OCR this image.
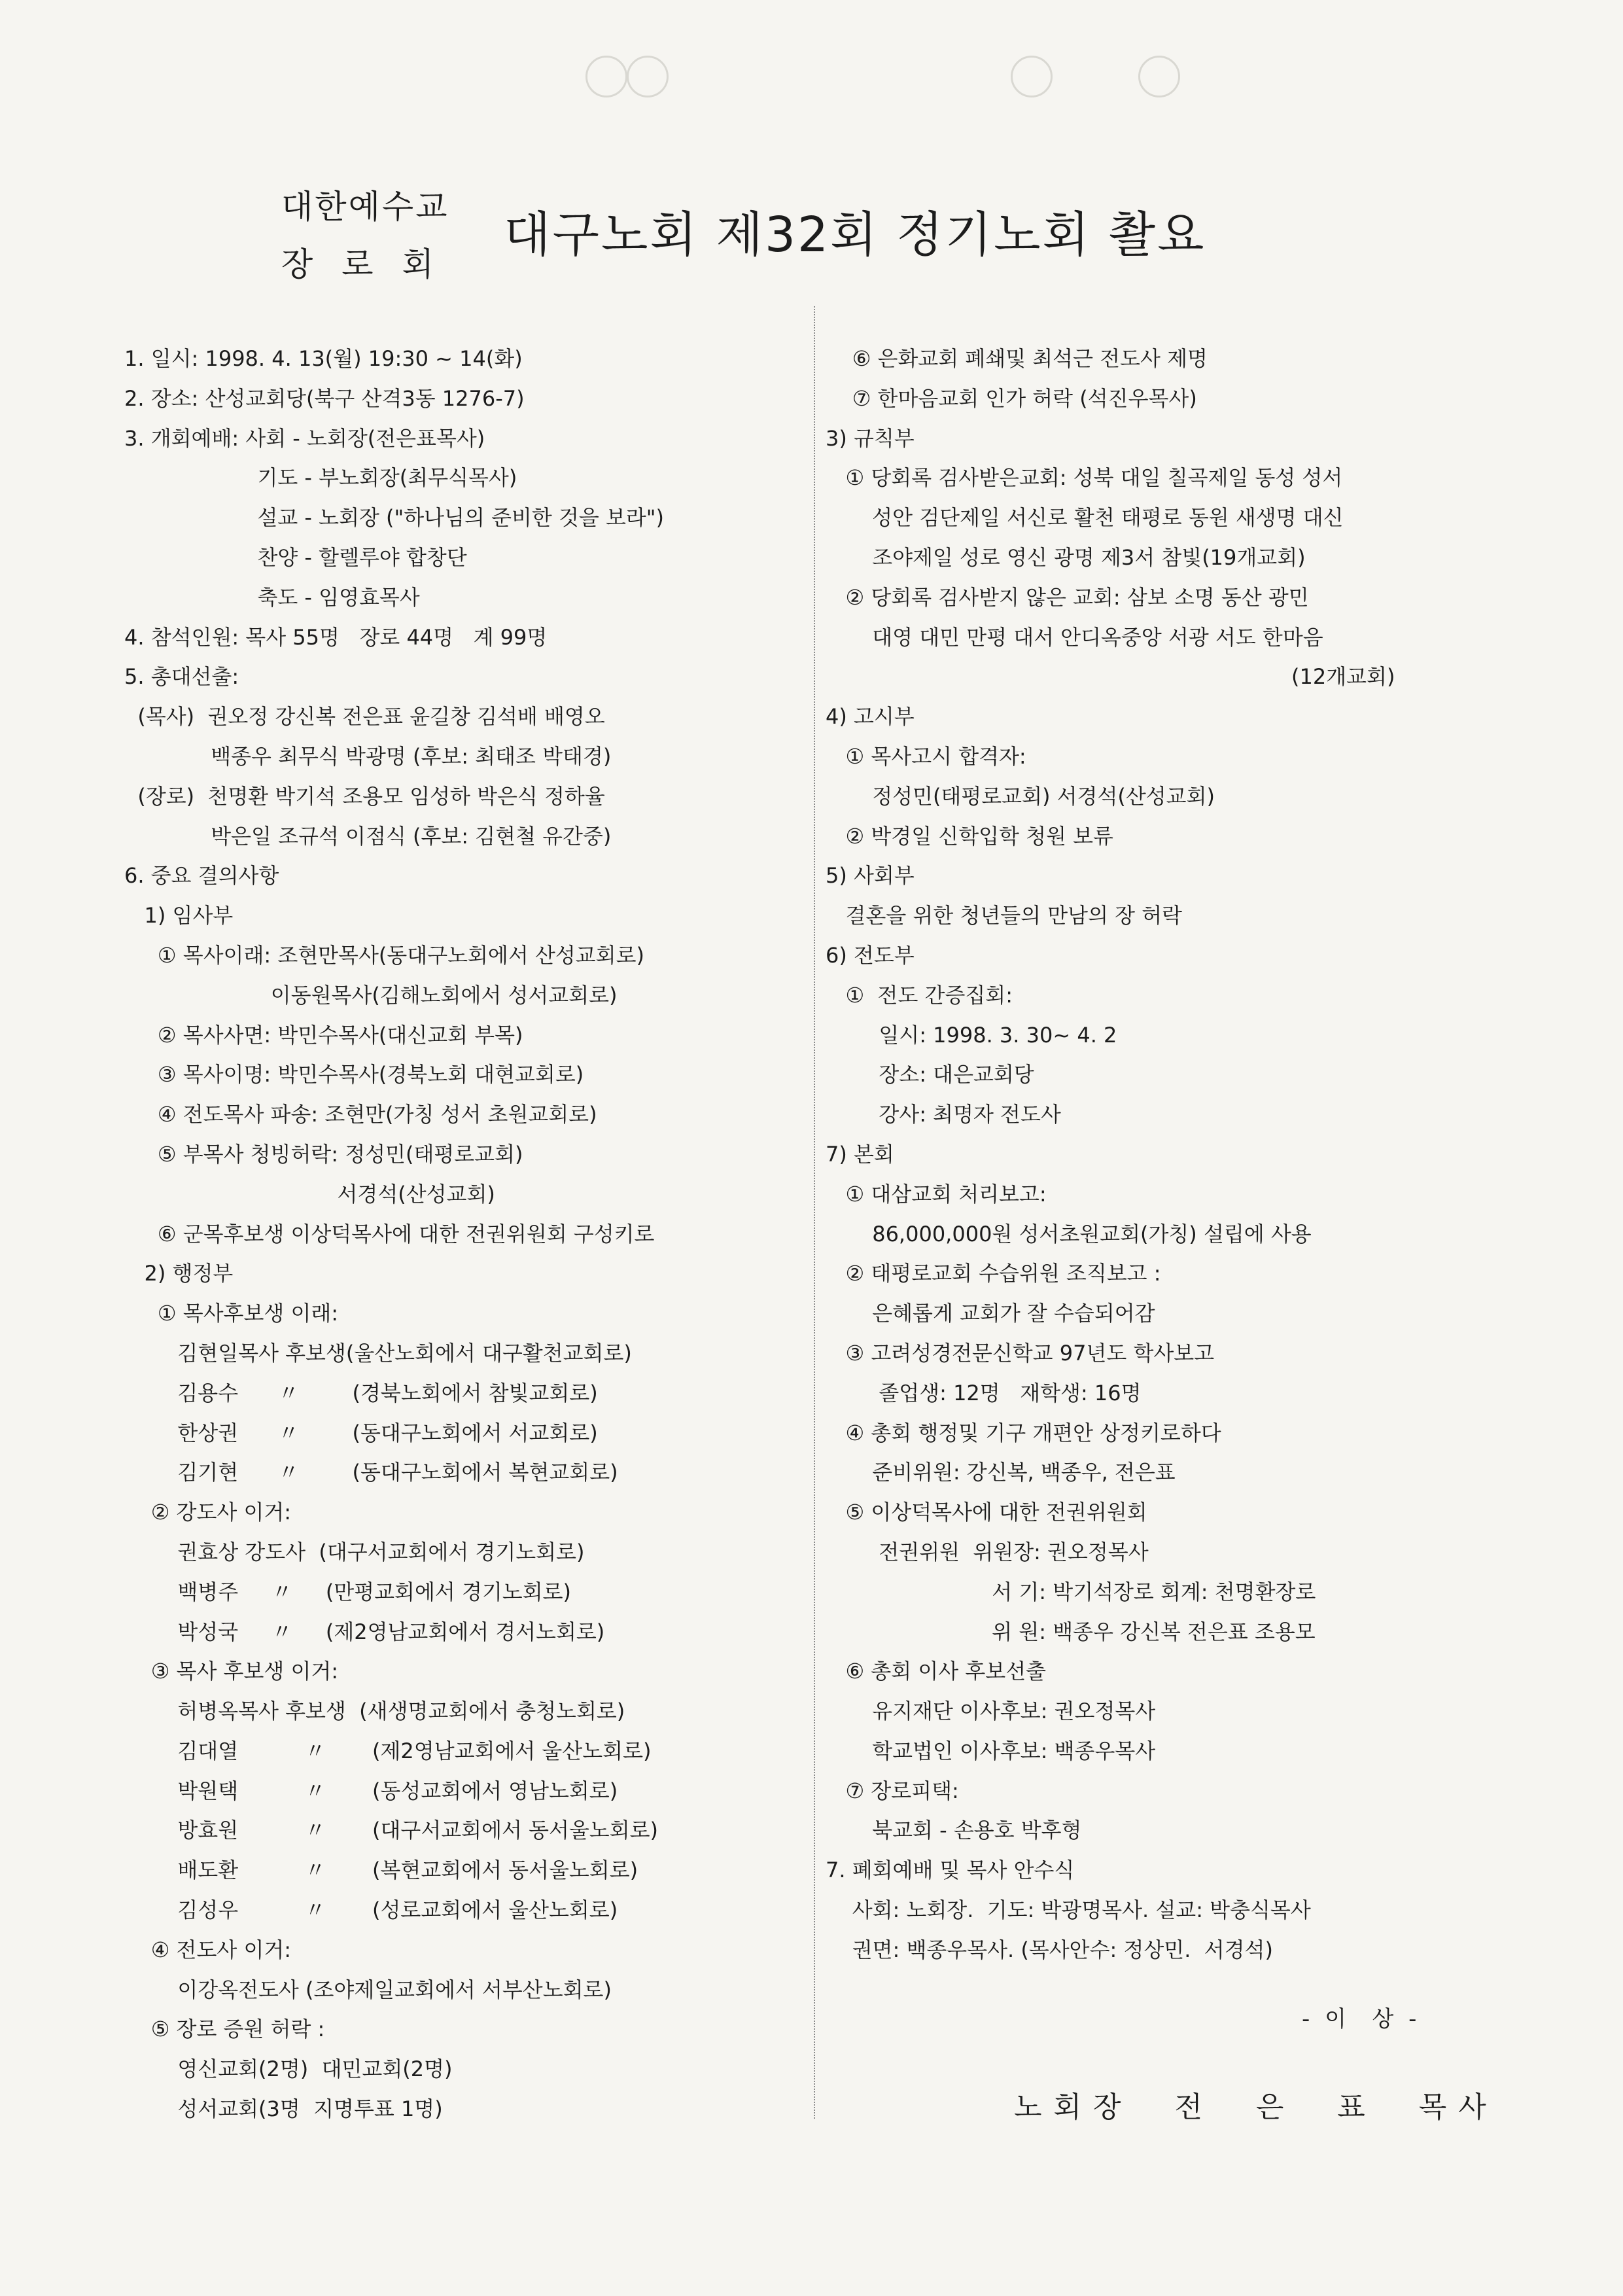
대한예수교
장로회
대구노회 제32회 정기노회 촬요
1. 일시: 1998. 4. 13(월) 19:30 ~ 14(화)
2. 장소: 산성교회당(북구 산격3동 1276-7)
3. 개회예배: 사회 - 노회장(전은표목사)
기도 - 부노회장(최무식목사)
설교 - 노회장 ("하나님의 준비한 것을 보라")
찬양 - 할렐루야 합창단
축도 - 임영효목사
4. 참석인원: 목사 55명   장로 44명   계 99명
5. 총대선출:
(목사)  권오정 강신복 전은표 윤길창 김석배 배영오
백종우 최무식 박광명 (후보: 최태조 박태경)
(장로)  천명환 박기석 조용모 임성하 박은식 정하율
박은일 조규석 이점식 (후보: 김현철 유간중)
6. 중요 결의사항
1) 임사부
① 목사이래: 조현만목사(동대구노회에서 산성교회로)
이동원목사(김해노회에서 성서교회로)
② 목사사면: 박민수목사(대신교회 부목)
③ 목사이명: 박민수목사(경북노회 대현교회로)
④ 전도목사 파송: 조현만(가칭 성서 초원교회로)
⑤ 부목사 청빙허락: 정성민(태평로교회)
서경석(산성교회)
⑥ 군목후보생 이상덕목사에 대한 전권위원회 구성키로
2) 행정부
① 목사후보생 이래:
김현일목사 후보생(울산노회에서 대구활천교회로)
김용수      〃        (경북노회에서 참빛교회로)
한상권      〃        (동대구노회에서 서교회로)
김기현      〃        (동대구노회에서 복현교회로)
② 강도사 이거:
권효상 강도사  (대구서교회에서 경기노회로)
백병주     〃     (만평교회에서 경기노회로)
박성국     〃     (제2영남교회에서 경서노회로)
③ 목사 후보생 이거:
허병옥목사 후보생  (새생명교회에서 충청노회로)
김대열          〃       (제2영남교회에서 울산노회로)
박원택          〃       (동성교회에서 영남노회로)
방효원          〃       (대구서교회에서 동서울노회로)
배도환          〃       (복현교회에서 동서울노회로)
김성우          〃       (성로교회에서 울산노회로)
④ 전도사 이거:
이강옥전도사 (조야제일교회에서 서부산노회로)
⑤ 장로 증원 허락 :
영신교회(2명)  대민교회(2명)
성서교회(3명  지명투표 1명)
⑥ 은화교회 폐쇄및 최석근 전도사 제명
⑦ 한마음교회 인가 허락 (석진우목사)
3) 규칙부
① 당회록 검사받은교회: 성북 대일 칠곡제일 동성 성서
성안 검단제일 서신로 활천 태평로 동원 새생명 대신
조야제일 성로 영신 광명 제3서 참빛(19개교회)
② 당회록 검사받지 않은 교회: 삼보 소명 동산 광민
대영 대민 만평 대서 안디옥중앙 서광 서도 한마음
(12개교회)
4) 고시부
① 목사고시 합격자:
정성민(태평로교회) 서경석(산성교회)
② 박경일 신학입학 청원 보류
5) 사회부
결혼을 위한 청년들의 만남의 장 허락
6) 전도부
①  전도 간증집회:
일시: 1998. 3. 30~ 4. 2
장소: 대은교회당
강사: 최명자 전도사
7) 본회
① 대삼교회 처리보고:
86,000,000원 성서초원교회(가칭) 설립에 사용
② 태평로교회 수습위원 조직보고 :
은혜롭게 교회가 잘 수습되어감
③ 고려성경전문신학교 97년도 학사보고
졸업생: 12명   재학생: 16명
④ 총회 행정및 기구 개편안 상정키로하다
준비위원: 강신복, 백종우, 전은표
⑤ 이상덕목사에 대한 전권위원회
전권위원  위원장: 권오정목사
서 기: 박기석장로 회계: 천명환장로
위 원: 백종우 강신복 전은표 조용모
⑥ 총회 이사 후보선출
유지재단 이사후보: 권오정목사
학교법인 이사후보: 백종우목사
⑦ 장로피택:
북교회 - 손용호 박후형
7. 폐회예배 및 목사 안수식
사회: 노회장.  기도: 박광명목사. 설교: 박충식목사
권면: 백종우목사. (목사안수: 정상민.  서경석)
- 이  상 -
노 회 장     전     은     표     목 사
